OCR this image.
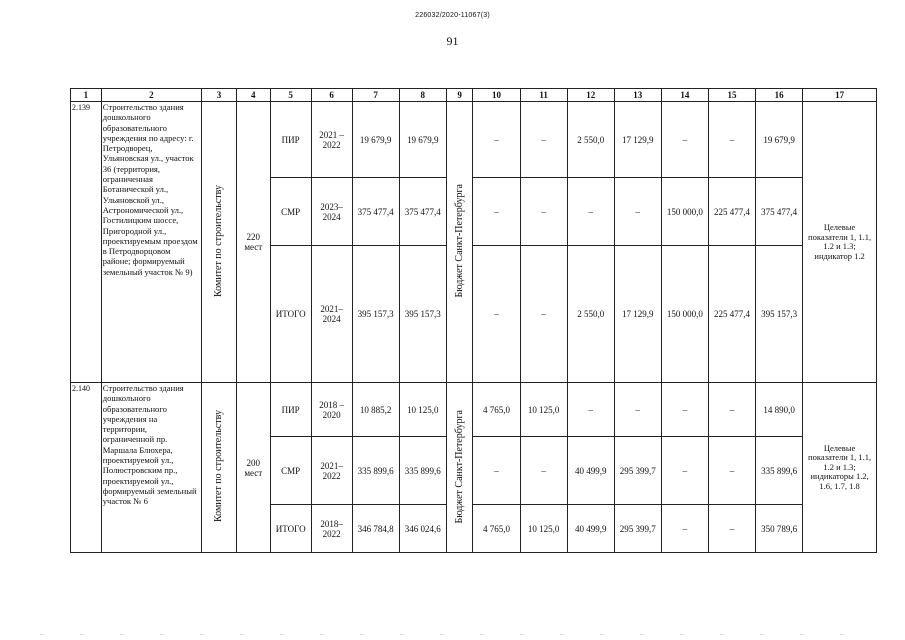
226032/2020-11067(3)
91
1	2	3	4	5	6	7	8	9	10	11	12	13	14	15	16	17
2.139	Строительство здания дошкольного образовательного учреждения по адресу: г. Петродворец, Ульяновская ул., участок 36 (территория, ограниченная Ботанической ул., Ульяновской ул., Астрономической ул., Гостилицким шоссе, Пригородной ул., проектируемым проездом в Петродворцовом районе; формируемый земельный участок № 9)	Комитет по строительству	220 мест	ПИР	2021 – 2022	19 679,9	19 679,9	Бюджет Санкт-Петербурга	–	–	2 550,0	17 129,9	–	–	19 679,9	Целевые показатели 1, 1.1, 1.2 и 1.3; индикатор 1.2
				СМР	2023– 2024	375 477,4	375 477,4		–	–	–	–	150 000,0	225 477,4	375 477,4	
				ИТОГО	2021– 2024	395 157,3	395 157,3		–	–	2 550,0	17 129,9	150 000,0	225 477,4	395 157,3	
2.140	Строительство здания дошкольного образовательного учреждения на территории, ограниченной пр. Маршала Блюхера, проектируемой ул., Полюстровским пр., проектируемой ул., формируемый земельный участок № 6	Комитет по строительству	200 мест	ПИР	2018 – 2020	10 885,2	10 125,0	Бюджет Санкт-Петербурга	4 765,0	10 125,0	–	–	–	–	14 890,0	Целевые показатели 1, 1.1, 1.2 и 1.3; индикаторы 1.2, 1.6, 1.7, 1.8
				СМР	2021– 2022	335 899,6	335 899,6		–	–	40 499,9	295 399,7	–	–	335 899,6	
				ИТОГО	2018– 2022	346 784,8	346 024,6		4 765,0	10 125,0	40 499,9	295 399,7	–	–	350 789,6	
